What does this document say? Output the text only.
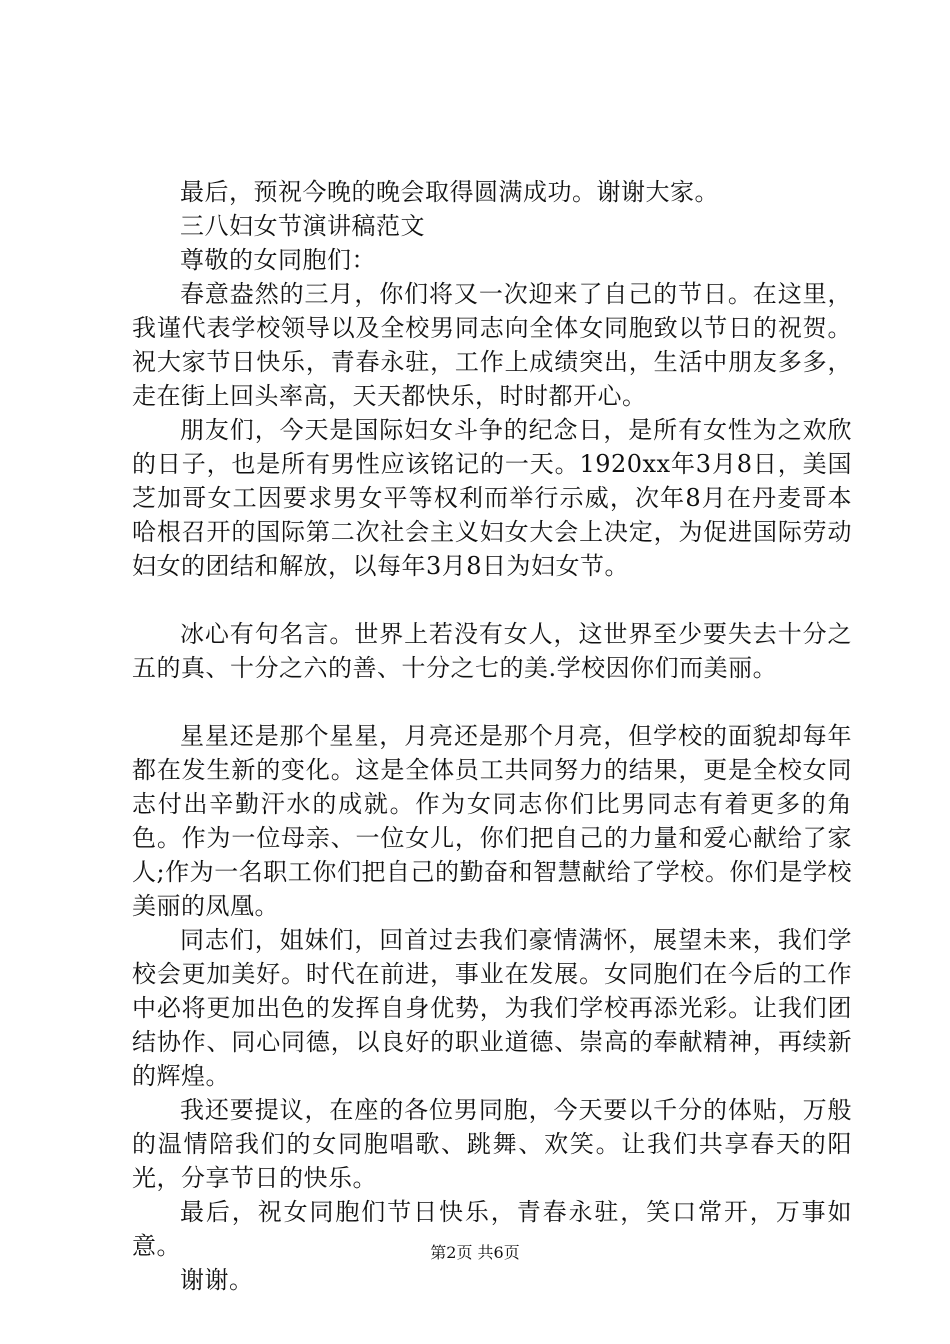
最后，预祝今晚的晚会取得圆满成功。谢谢大家。

三八妇女节演讲稿范文

尊敬的女同胞们：

春意盎然的三月，你们将又一次迎来了自己的节日。在这里，我谨代表学校领导以及全校男同志向全体女同胞致以节日的祝贺。祝大家节日快乐，青春永驻，工作上成绩突出，生活中朋友多多，走在街上回头率高，天天都快乐，时时都开心。

朋友们，今天是国际妇女斗争的纪念日，是所有女性为之欢欣的日子，也是所有男性应该铭记的一天。1920xx年3月8日，美国芝加哥女工因要求男女平等权利而举行示威，次年8月在丹麦哥本哈根召开的国际第二次社会主义妇女大会上决定，为促进国际劳动妇女的团结和解放，以每年3月8日为妇女节。

冰心有句名言。世界上若没有女人，这世界至少要失去十分之五的真、十分之六的善、十分之七的美.学校因你们而美丽。

星星还是那个星星，月亮还是那个月亮，但学校的面貌却每年都在发生新的变化。这是全体员工共同努力的结果，更是全校女同志付出辛勤汗水的成就。作为女同志你们比男同志有着更多的角色。作为一位母亲、一位女儿，你们把自己的力量和爱心献给了家人;作为一名职工你们把自己的勤奋和智慧献给了学校。你们是学校美丽的凤凰。

同志们，姐妹们，回首过去我们豪情满怀，展望未来，我们学校会更加美好。时代在前进，事业在发展。女同胞们在今后的工作中必将更加出色的发挥自身优势，为我们学校再添光彩。让我们团结协作、同心同德，以良好的职业道德、崇高的奉献精神，再续新的辉煌。

我还要提议，在座的各位男同胞，今天要以千分的体贴，万般的温情陪我们的女同胞唱歌、跳舞、欢笑。让我们共享春天的阳光，分享节日的快乐。

最后，祝女同胞们节日快乐，青春永驻，笑口常开，万事如意。

谢谢。

第2页 共6页
